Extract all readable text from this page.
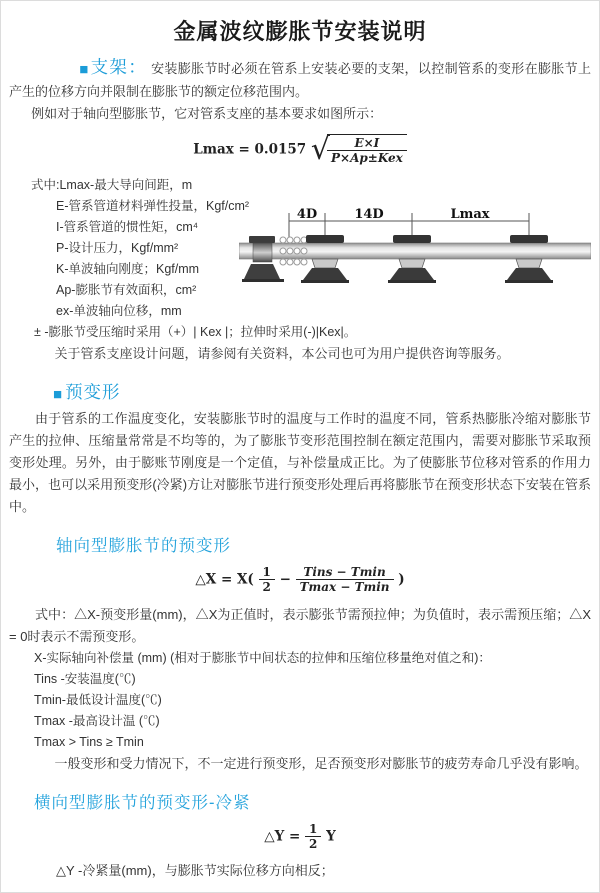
金属波纹膨胀节安装说明

■ 支架： 安装膨胀节时必须在管系上安装必要的支架，以控制管系的变形在膨胀节上产生的位移方向并限制在膨胀节的额定位移范围内。

例如对于轴向型膨胀节，它对管系支座的基本要求如图所示：

Lmax = 0.0157 √
$\frac{E\times I}{\text{P×Ap±Kex}}$
式中:Lmax-最大导向间距，m
E-管系管道材料弹性投量，Kgf/cm²
I-管系管道的惯性矩，cm⁴
P-设计压力，Kgf/mm²
K-单波轴向刚度；Kgf/mm
Ap-膨胀节有效面积，cm²
ex-单波轴向位移，mm
4D	14D	Lmax
± -膨胀节受压缩时采用（+）| Kex |；拉伸时采用(-)|Kex|。

关于管系支座设计问题，请参阅有关资料，本公司也可为用户提供咨询等服务。

■ 预变形

由于管系的工作温度变化，安装膨胀节时的温度与工作时的温度不同，管系热膨胀冷缩对膨胀节产生的拉伸、压缩量常常是不均等的，为了膨胀节变形范围控制在额定范围内，需要对膨胀节采取预变形处理。另外，由于膨账节刚度是一个定值，与补偿量成正比。为了使膨胀节位移对管系的作用力最小，也可以采用预变形(冷紧)方让对膨胀节进行预变形处理后再将膨胀节在预变形状态下安装在管系中。

轴向型膨胀节的预变形
△X = $X( \frac{1}{2} - \frac{\text{Tins − Tmin}}{Tmax - Tmin}$ )

式中：△X-预变形量(mm)，△X为正值时，表示膨张节需预拉伸；为负值时，表示需预压缩；△X = 0时表示不需预变形。

X-实际轴向补偿量 (mm) (相对于膨胀节中间状态的拉伸和压缩位移量绝对值之和)：
Tins -安装温度(℃)
Tmin-最低设计温度(℃)
Tmax -最高设计温 (℃)
Tmax > Tins ≥ Tmin

一般变形和受力情况下，不一定进行预变形，足否预变形对膨胀节的疲劳寿命几乎没有影响。

横向型膨胀节的预变形-冷紧
△Y = $\frac{1}{2}$ Y
△Y -冷紧量(mm)，与膨胀节实际位移方向相反；
